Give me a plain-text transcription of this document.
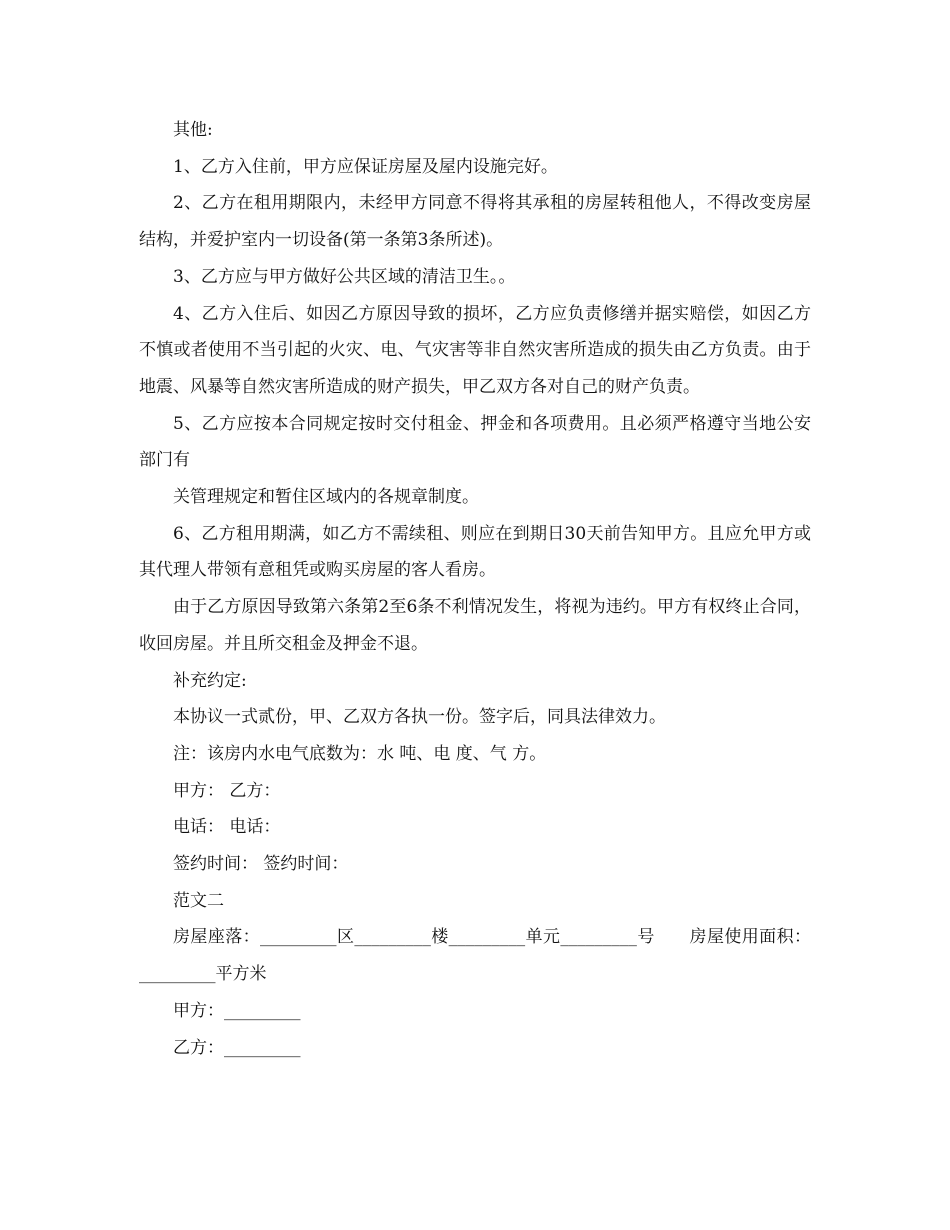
其他:

1、乙方入住前，甲方应保证房屋及屋内设施完好。

2、乙方在租用期限内，未经甲方同意不得将其承租的房屋转租他人，不得改变房屋结构，并爱护室内一切设备(第一条第3条所述)。

3、乙方应与甲方做好公共区域的清洁卫生。。

4、乙方入住后、如因乙方原因导致的损坏，乙方应负责修缮并据实赔偿，如因乙方不慎或者使用不当引起的火灾、电、气灾害等非自然灾害所造成的损失由乙方负责。由于地震、风暴等自然灾害所造成的财产损失，甲乙双方各对自己的财产负责。

5、乙方应按本合同规定按时交付租金、押金和各项费用。且必须严格遵守当地公安部门有

关管理规定和暂住区域内的各规章制度。

6、乙方租用期满，如乙方不需续租、则应在到期日30天前告知甲方。且应允甲方或其代理人带领有意租凭或购买房屋的客人看房。

由于乙方原因导致第六条第2至6条不利情况发生，将视为违约。甲方有权终止合同，收回房屋。并且所交租金及押金不退。

补充约定:

本协议一式贰份，甲、乙双方各执一份。签字后，同具法律效力。

注：该房内水电气底数为：水 吨、电 度、气 方。

甲方： 乙方：

电话： 电话：

签约时间： 签约时间：

范文二

房屋座落：_________区_________楼_________单元_________号　　房屋使用面积：_________平方米

甲方：_________

乙方：_________
